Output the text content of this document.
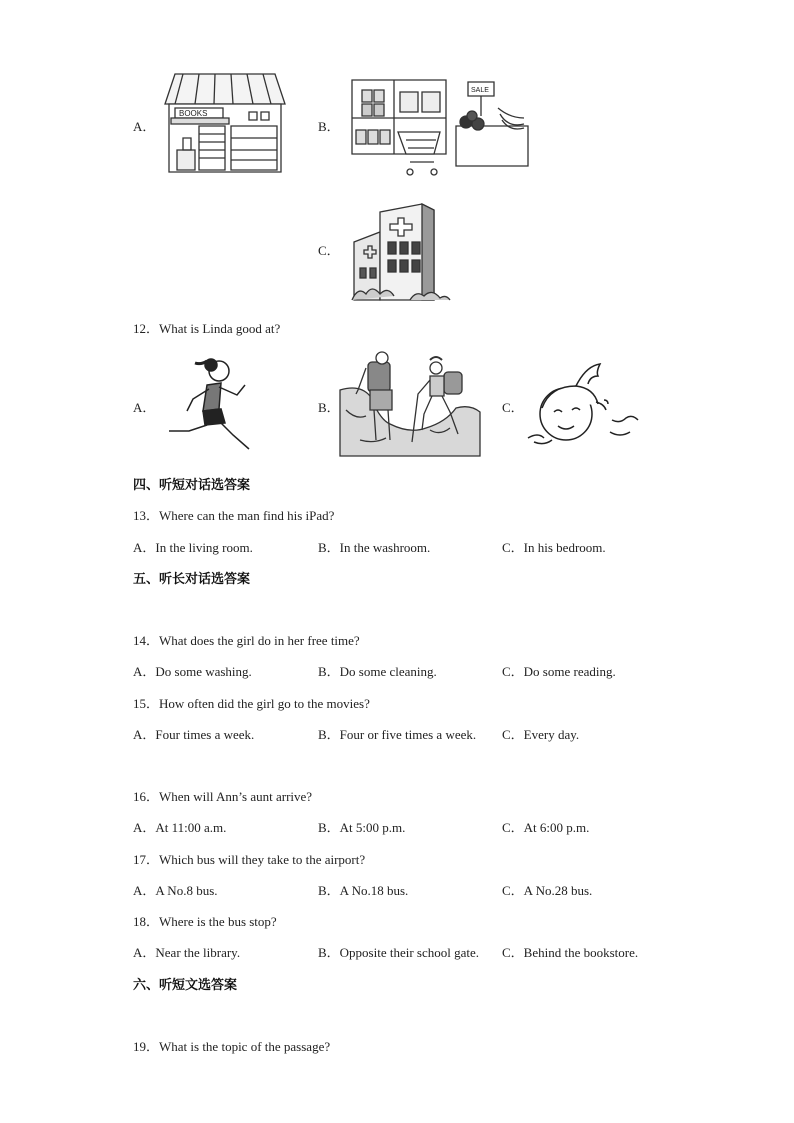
A．
BOOKS
B．
SALE
C．
12．What is Linda good at?
A．	B．	C．
四、听短对话选答案
13．Where can the man find his iPad?
A．In the living room.	B．In the washroom.	C．In his bedroom.
五、听长对话选答案
14．What does the girl do in her free time?
A．Do some washing.	B．Do some cleaning.	C．Do some reading.
15．How often did the girl go to the movies?
A．Four times a week.	B．Four or five times a week. C．Every day.
16．When will Ann’s aunt arrive?
A．At 11:00 a.m.	B．At 5:00 p.m.	C．At 6:00 p.m.
17．Which bus will they take to the airport?
A．A No.8 bus.	B．A No.18 bus.	C．A No.28 bus.
18．Where is the bus stop?
A．Near the library.	B．Opposite their school gate. C．Behind the bookstore.
六、听短文选答案
19．What is the topic of the passage?
